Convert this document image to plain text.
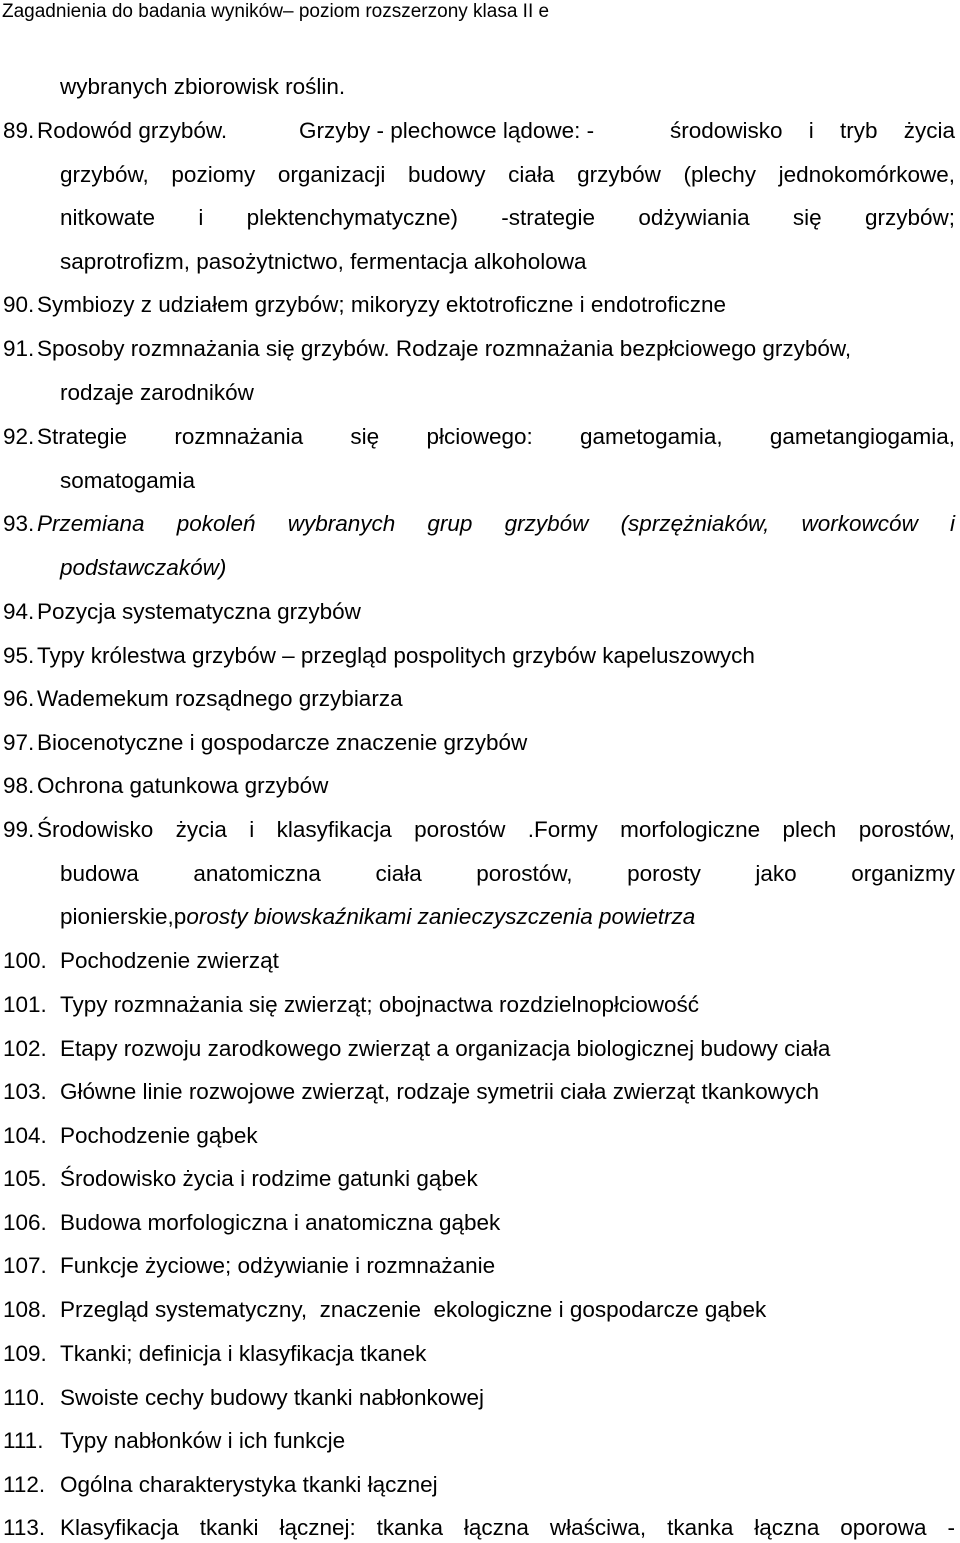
Zagadnienia do badania wyników– poziom rozszerzony klasa II e
wybranych zbiorowisk roślin.
89. Rodowód grzybów.	Grzyby - plechowce lądowe: -	środowisko i tryb życia
grzybów, poziomy organizacji budowy ciała grzybów (plechy jednokomórkowe,
nitkowate i plektenchymatyczne) -strategie odżywiania się grzybów;
saprotrofizm, pasożytnictwo, fermentacja alkoholowa
90. Symbiozy z udziałem grzybów; mikoryzy ektotroficzne i endotroficzne
91. Sposoby rozmnażania się grzybów. Rodzaje rozmnażania bezpłciowego grzybów,
rodzaje zarodników
92. Strategie rozmnażania się płciowego: gametogamia, gametangiogamia,
somatogamia
93. Przemiana pokoleń wybranych grup grzybów (sprzężniaków, workowców i
podstawczaków)
94. Pozycja systematyczna grzybów
95. Typy królestwa grzybów – przegląd pospolitych grzybów kapeluszowych
96. Wademekum rozsądnego grzybiarza
97. Biocenotyczne i gospodarcze znaczenie grzybów
98. Ochrona gatunkowa grzybów
99. Środowisko życia i klasyfikacja porostów .Formy morfologiczne plech porostów,
budowa anatomiczna ciała porostów, porosty jako organizmy
pionierskie,porosty biowskaźnikami zanieczyszczenia powietrza
100. Pochodzenie zwierząt
101. Typy rozmnażania się zwierząt; obojnactwa rozdzielnopłciowość
102. Etapy rozwoju zarodkowego zwierząt a organizacja biologicznej budowy ciała
103. Główne linie rozwojowe zwierząt, rodzaje symetrii ciała zwierząt tkankowych
104. Pochodzenie gąbek
105. Środowisko życia i rodzime gatunki gąbek
106. Budowa morfologiczna i anatomiczna gąbek
107. Funkcje życiowe; odżywianie i rozmnażanie
108. Przegląd systematyczny,  znaczenie  ekologiczne i gospodarcze gąbek
109. Tkanki; definicja i klasyfikacja tkanek
110. Swoiste cechy budowy tkanki nabłonkowej
111. Typy nabłonków i ich funkcje
112. Ogólna charakterystyka tkanki łącznej
113. Klasyfikacja tkanki łącznej: tkanka łączna właściwa, tkanka łączna oporowa -
